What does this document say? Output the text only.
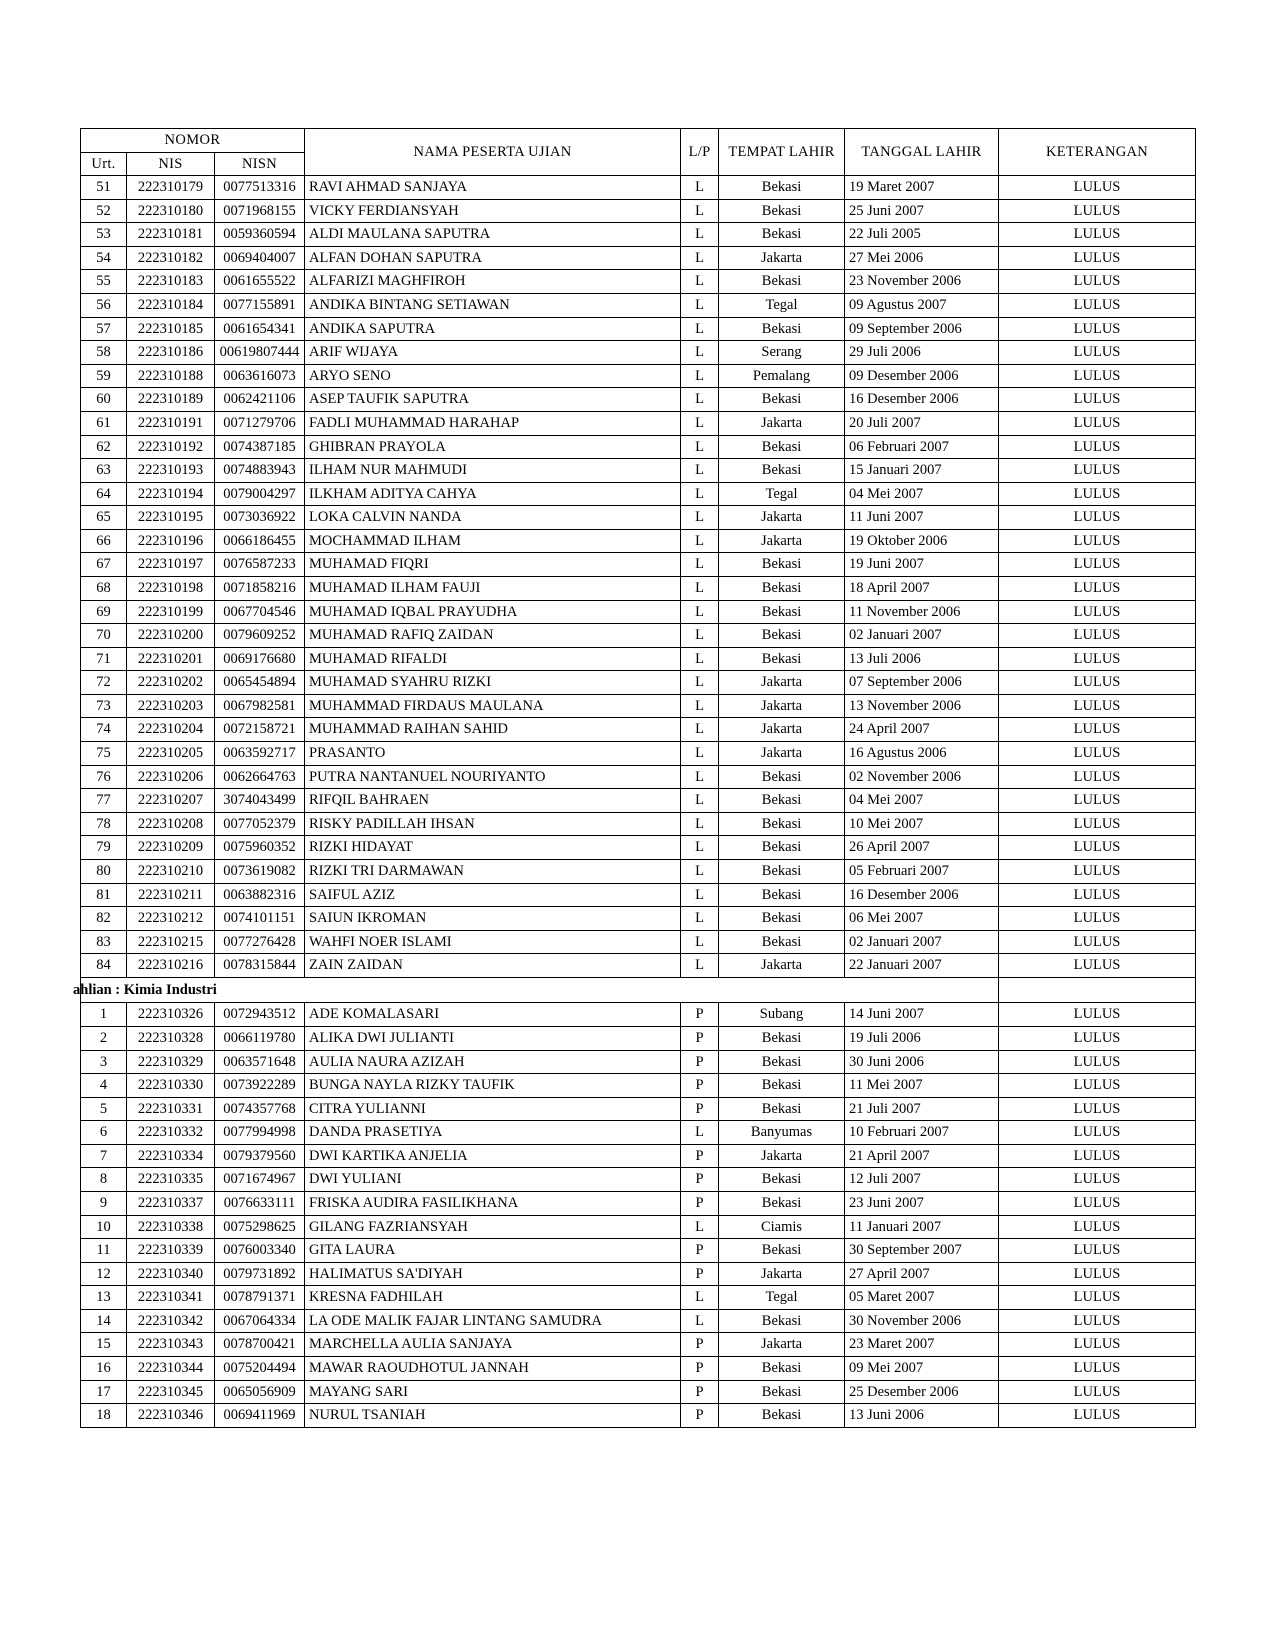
NOMOR			NAMA PESERTA UJIAN	L/P	TEMPAT LAHIR	TANGGAL LAHIR	KETERANGAN
Urt.	NIS	NISN					
51	222310179	0077513316	RAVI AHMAD SANJAYA	L	Bekasi	19 Maret 2007	LULUS
52	222310180	0071968155	VICKY FERDIANSYAH	L	Bekasi	25 Juni 2007	LULUS
53	222310181	0059360594	ALDI MAULANA SAPUTRA	L	Bekasi	22 Juli 2005	LULUS
54	222310182	0069404007	ALFAN DOHAN SAPUTRA	L	Jakarta	27 Mei 2006	LULUS
55	222310183	0061655522	ALFARIZI MAGHFIROH	L	Bekasi	23 November 2006	LULUS
56	222310184	0077155891	ANDIKA BINTANG SETIAWAN	L	Tegal	09 Agustus 2007	LULUS
57	222310185	0061654341	ANDIKA SAPUTRA	L	Bekasi	09 September 2006	LULUS
58	222310186	00619807444	ARIF WIJAYA	L	Serang	29 Juli 2006	LULUS
59	222310188	0063616073	ARYO SENO	L	Pemalang	09 Desember 2006	LULUS
60	222310189	0062421106	ASEP TAUFIK SAPUTRA	L	Bekasi	16 Desember 2006	LULUS
61	222310191	0071279706	FADLI MUHAMMAD HARAHAP	L	Jakarta	20 Juli 2007	LULUS
62	222310192	0074387185	GHIBRAN PRAYOLA	L	Bekasi	06 Februari 2007	LULUS
63	222310193	0074883943	ILHAM NUR MAHMUDI	L	Bekasi	15 Januari 2007	LULUS
64	222310194	0079004297	ILKHAM ADITYA CAHYA	L	Tegal	04 Mei 2007	LULUS
65	222310195	0073036922	LOKA CALVIN NANDA	L	Jakarta	11 Juni 2007	LULUS
66	222310196	0066186455	MOCHAMMAD ILHAM	L	Jakarta	19 Oktober 2006	LULUS
67	222310197	0076587233	MUHAMAD FIQRI	L	Bekasi	19 Juni 2007	LULUS
68	222310198	0071858216	MUHAMAD ILHAM FAUJI	L	Bekasi	18 April 2007	LULUS
69	222310199	0067704546	MUHAMAD IQBAL PRAYUDHA	L	Bekasi	11 November 2006	LULUS
70	222310200	0079609252	MUHAMAD RAFIQ ZAIDAN	L	Bekasi	02 Januari 2007	LULUS
71	222310201	0069176680	MUHAMAD RIFALDI	L	Bekasi	13 Juli 2006	LULUS
72	222310202	0065454894	MUHAMAD SYAHRU RIZKI	L	Jakarta	07 September 2006	LULUS
73	222310203	0067982581	MUHAMMAD FIRDAUS MAULANA	L	Jakarta	13 November 2006	LULUS
74	222310204	0072158721	MUHAMMAD RAIHAN SAHID	L	Jakarta	24 April 2007	LULUS
75	222310205	0063592717	PRASANTO	L	Jakarta	16 Agustus 2006	LULUS
76	222310206	0062664763	PUTRA NANTANUEL NOURIYANTO	L	Bekasi	02 November 2006	LULUS
77	222310207	3074043499	RIFQIL BAHRAEN	L	Bekasi	04 Mei 2007	LULUS
78	222310208	0077052379	RISKY PADILLAH IHSAN	L	Bekasi	10 Mei 2007	LULUS
79	222310209	0075960352	RIZKI HIDAYAT	L	Bekasi	26 April 2007	LULUS
80	222310210	0073619082	RIZKI TRI DARMAWAN	L	Bekasi	05 Februari 2007	LULUS
81	222310211	0063882316	SAIFUL AZIZ	L	Bekasi	16 Desember 2006	LULUS
82	222310212	0074101151	SAIUN IKROMAN	L	Bekasi	06 Mei 2007	LULUS
83	222310215	0077276428	WAHFI NOER ISLAMI	L	Bekasi	02 Januari 2007	LULUS
84	222310216	0078315844	ZAIN ZAIDAN	L	Jakarta	22 Januari 2007	LULUS
ahlian : Kimia Industri							
1	222310326	0072943512	ADE KOMALASARI	P	Subang	14 Juni 2007	LULUS
2	222310328	0066119780	ALIKA DWI JULIANTI	P	Bekasi	19 Juli 2006	LULUS
3	222310329	0063571648	AULIA NAURA AZIZAH	P	Bekasi	30 Juni 2006	LULUS
4	222310330	0073922289	BUNGA NAYLA RIZKY TAUFIK	P	Bekasi	11 Mei 2007	LULUS
5	222310331	0074357768	CITRA YULIANNI	P	Bekasi	21 Juli 2007	LULUS
6	222310332	0077994998	DANDA PRASETIYA	L	Banyumas	10 Februari 2007	LULUS
7	222310334	0079379560	DWI KARTIKA ANJELIA	P	Jakarta	21 April 2007	LULUS
8	222310335	0071674967	DWI YULIANI	P	Bekasi	12 Juli 2007	LULUS
9	222310337	0076633111	FRISKA AUDIRA FASILIKHANA	P	Bekasi	23 Juni 2007	LULUS
10	222310338	0075298625	GILANG FAZRIANSYAH	L	Ciamis	11 Januari 2007	LULUS
11	222310339	0076003340	GITA LAURA	P	Bekasi	30 September 2007	LULUS
12	222310340	0079731892	HALIMATUS SA'DIYAH	P	Jakarta	27 April 2007	LULUS
13	222310341	0078791371	KRESNA FADHILAH	L	Tegal	05 Maret 2007	LULUS
14	222310342	0067064334	LA ODE MALIK FAJAR LINTANG SAMUDRA	L	Bekasi	30 November 2006	LULUS
15	222310343	0078700421	MARCHELLA AULIA SANJAYA	P	Jakarta	23 Maret 2007	LULUS
16	222310344	0075204494	MAWAR RAOUDHOTUL JANNAH	P	Bekasi	09 Mei 2007	LULUS
17	222310345	0065056909	MAYANG SARI	P	Bekasi	25 Desember 2006	LULUS
18	222310346	0069411969	NURUL TSANIAH	P	Bekasi	13 Juni 2006	LULUS
